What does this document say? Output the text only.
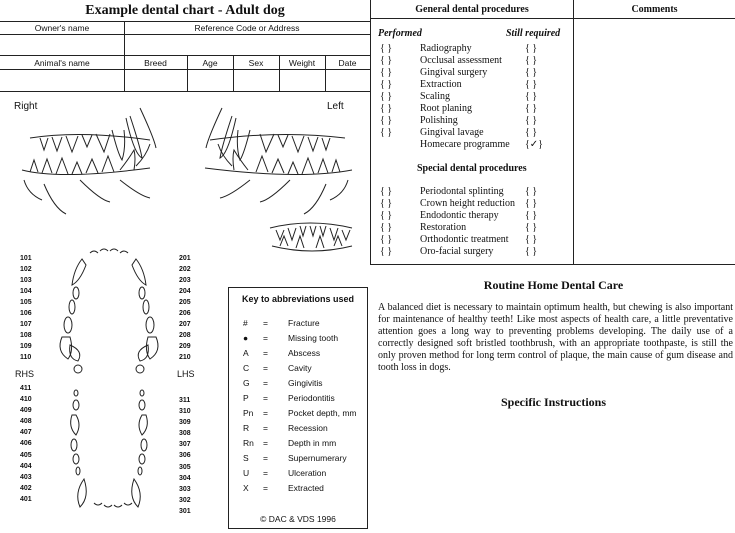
Example dental chart - Adult dog
Owner's name	Reference Code or Address
Animal's name	Breed	Age	Sex	Weight	Date
Right	Left
RHS	LHS
101
102
103
104
105
106
107
108
109
110
201
202
203
204
205
206
207
208
209
210
411
410
409
408
407
406
405
404
403
402
401
311
310
309
308
307
306
305
304
303
302
301
Key to abbreviations used
# = Fracture
● = Missing tooth
A = Abscess
C = Cavity
G = Gingivitis
P = Periodontitis
Pn = Pocket depth, mm
R = Recession
Rn = Depth in mm
S = Supernumerary
U = Ulceration
X = Extracted
© DAC & VDS 1996
General dental procedures	Comments
Performed	Still required
{ }	Radiography	{ }
{ }	Occlusal assessment { }
{ }	Gingival surgery	{ }
{ }	Extraction	{ }
{ }	Scaling	{ }
{ }	Root planing	{ }
{ }	Polishing	{ }
{ }	Gingival lavage	{ }
Homecare programme {✓}
Special dental procedures
{ }	Periodontal splinting { }
{ }	Crown height reduction { }
{ }	Endodontic therapy	{ }
{ }	Restoration	{ }
{ }	Orthodontic treatment { }
{ }	Oro-facial surgery	{ }
Routine Home Dental Care
A balanced diet is necessary to maintain optimum health, but chewing is also important for maintenance of healthy teeth! Like most aspects of health care, a little preventative attention goes a long way to preventing problems developing. The daily use of a correctly designed soft bristled toothbrush, with an appropriate toothpaste, is still the only proven method for long term control of plaque, the main cause of gum disease and tooth loss in dogs.
Specific Instructions
